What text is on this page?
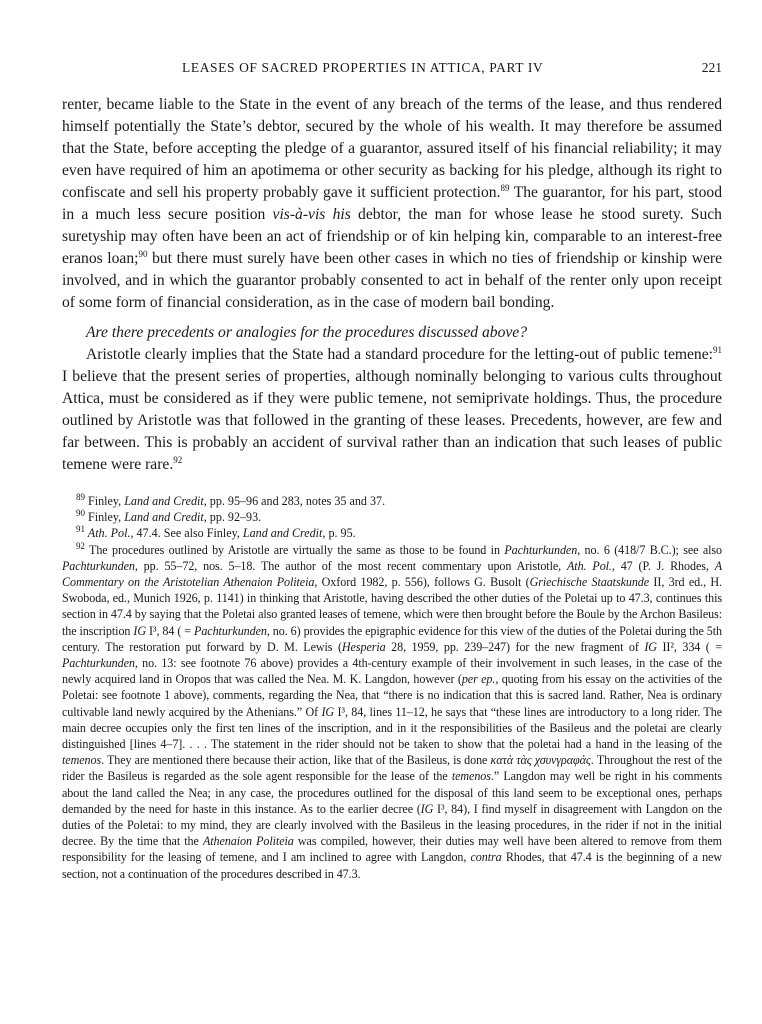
LEASES OF SACRED PROPERTIES IN ATTICA, PART IV	221

renter, became liable to the State in the event of any breach of the terms of the lease, and thus rendered himself potentially the State’s debtor, secured by the whole of his wealth. It may therefore be assumed that the State, before accepting the pledge of a guarantor, assured itself of his financial reliability; it may even have required of him an apotimema or other security as backing for his pledge, although its right to confiscate and sell his property probably gave it sufficient protection.$^{89}$ The guarantor, for his part, stood in a much less secure position vis-à-vis his debtor, the man for whose lease he stood surety. Such suretyship may often have been an act of friendship or of kin helping kin, comparable to an interest-free eranos loan;$^{90}$ but there must surely have been other cases in which no ties of friendship or kinship were involved, and in which the guarantor probably consented to act in behalf of the renter only upon receipt of some form of financial consideration, as in the case of modern bail bonding.

Are there precedents or analogies for the procedures discussed above?

Aristotle clearly implies that the State had a standard procedure for the letting-out of public temene:$^{91}$ I believe that the present series of properties, although nominally belonging to various cults throughout Attica, must be considered as if they were public temene, not semiprivate holdings. Thus, the procedure outlined by Aristotle was that followed in the granting of these leases. Precedents, however, are few and far between. This is probably an accident of survival rather than an indication that such leases of public temene were rare.$^{92}$

$^{89}$ Finley, Land and Credit, pp. 95–96 and 283, notes 35 and 37.

$^{90}$ Finley, Land and Credit, pp. 92–93.

$^{91}$ Ath. Pol., 47.4. See also Finley, Land and Credit, p. 95.

$^{92}$ The procedures outlined by Aristotle are virtually the same as those to be found in Pachturkunden, no. 6 (418/7 B.C.); see also Pachturkunden, pp. 55–72, nos. 5–18. The author of the most recent commentary upon Aristotle, Ath. Pol., 47 (P. J. Rhodes, A Commentary on the Aristotelian Athenaion Politeia, Oxford 1982, p. 556), follows G. Busolt (Griechische Staatskunde II, 3rd ed., H. Swoboda, ed., Munich 1926, p. 1141) in thinking that Aristotle, having described the other duties of the Poletai up to 47.3, continues this section in 47.4 by saying that the Poletai also granted leases of temene, which were then brought before the Boule by the Archon Basileus: the inscription IG I³, 84 ( = Pachturkunden, no. 6) provides the epigraphic evidence for this view of the duties of the Poletai during the 5th century. The restoration put forward by D. M. Lewis (Hesperia 28, 1959, pp. 239–247) for the new fragment of IG II², 334 ( = Pachturkunden, no. 13: see footnote 76 above) provides a 4th-century example of their involvement in such leases, in the case of the newly acquired land in Oropos that was called the Nea. M. K. Langdon, however (per ep., quoting from his essay on the activities of the Poletai: see footnote 1 above), comments, regarding the Nea, that “there is no indication that this is sacred land. Rather, Nea is ordinary cultivable land newly acquired by the Athenians.” Of IG I³, 84, lines 11–12, he says that “these lines are introductory to a long rider. The main decree occupies only the first ten lines of the inscription, and in it the responsibilities of the Basileus and the poletai are clearly distinguished [lines 4–7]. . . . The statement in the rider should not be taken to show that the poletai had a hand in the leasing of the temenos. They are mentioned there because their action, like that of the Basileus, is done κατὰ τὰς χσυνγραφάς. Throughout the rest of the rider the Basileus is regarded as the sole agent responsible for the lease of the temenos.” Langdon may well be right in his comments about the land called the Nea; in any case, the procedures outlined for the disposal of this land seem to be exceptional ones, perhaps demanded by the need for haste in this instance. As to the earlier decree (IG I³, 84), I find myself in disagreement with Langdon on the duties of the Poletai: to my mind, they are clearly involved with the Basileus in the leasing procedures, in the rider if not in the initial decree. By the time that the Athenaion Politeia was compiled, however, their duties may well have been altered to remove from them responsibility for the leasing of temene, and I am inclined to agree with Langdon, contra Rhodes, that 47.4 is the beginning of a new section, not a continuation of the procedures described in 47.3.
